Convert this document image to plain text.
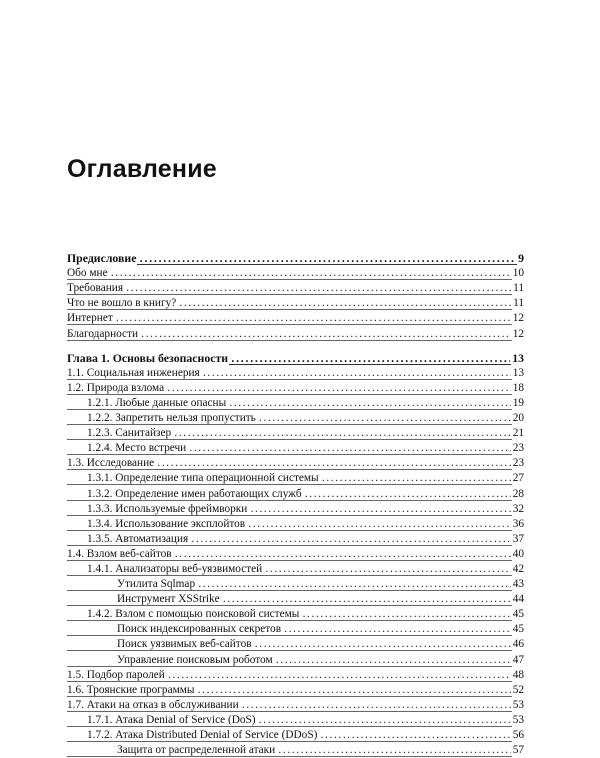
Оглавление
Предисловие . . .	9
Обо мне . . .	10
Требования . . .	11
Что не вошло в книгу? . . .	11
Интернет . . .	12
Благодарности . . .	12
Глава 1. Основы безопасности . . .	13
1.1. Социальная инженерия . . .	13
1.2. Природа взлома . . .	18
1.2.1. Любые данные опасны . . .	19
1.2.2. Запретить нельзя пропустить . . .	20
1.2.3. Санитайзер . . .	21
1.2.4. Место встречи . . .	23
1.3. Исследование . . .	23
1.3.1. Определение типа операционной системы . . .	27
1.3.2. Определение имен работающих служб . . .	28
1.3.3. Используемые фреймворки . . .	32
1.3.4. Использование эксплойтов . . .	36
1.3.5. Автоматизация . . .	37
1.4. Взлом веб-сайтов . . .	40
1.4.1. Анализаторы веб-уязвимостей . . .	42
Утилита Sqlmap . . .	43
Инструмент XSStrike . . .	44
1.4.2. Взлом с помощью поисковой системы . . .	45
Поиск индексированных секретов . . .	45
Поиск уязвимых веб-сайтов . . .	46
Управление поисковым роботом . . .	47
1.5. Подбор паролей . . .	48
1.6. Троянские программы . . .	52
1.7. Атаки на отказ в обслуживании . . .	53
1.7.1. Атака Denial of Service (DoS) . . .	53
1.7.2. Атака Distributed Denial of Service (DDoS) . . .	56
Защита от распределенной атаки . . .	57
